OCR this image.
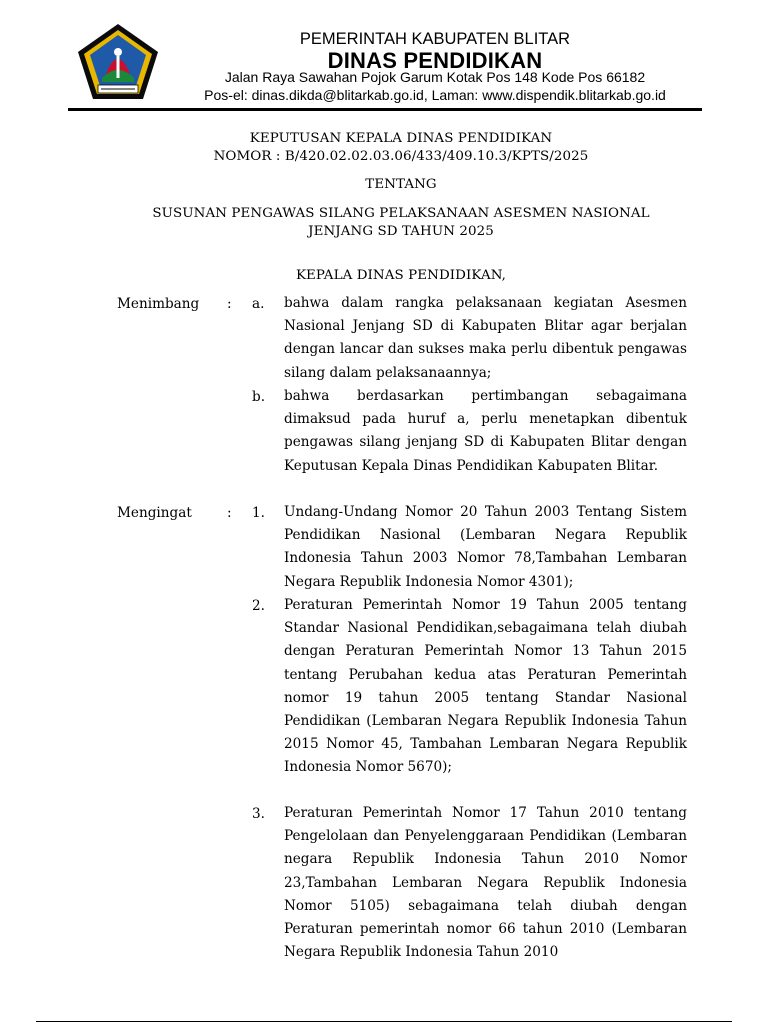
PEMERINTAH KABUPATEN BLITAR
DINAS PENDIDIKAN
Jalan Raya Sawahan Pojok Garum Kotak Pos 148 Kode Pos 66182
Pos-el: dinas.dikda@blitarkab.go.id, Laman: www.dispendik.blitarkab.go.id
KEPUTUSAN KEPALA DINAS PENDIDIKAN
NOMOR : B/420.02.02.03.06/433/409.10.3/KPTS/2025
TENTANG
SUSUNAN PENGAWAS SILANG PELAKSANAAN ASESMEN NASIONAL
JENJANG SD TAHUN 2025
KEPALA DINAS PENDIDIKAN,
Menimbang : a. bahwa dalam rangka pelaksanaan kegiatan Asesmen Nasional Jenjang SD di Kabupaten Blitar agar berjalan dengan lancar dan sukses maka perlu dibentuk pengawas silang dalam pelaksanaannya;
b. bahwa berdasarkan pertimbangan sebagaimana dimaksud pada huruf a, perlu menetapkan dibentuk pengawas silang jenjang SD di Kabupaten Blitar dengan Keputusan Kepala Dinas Pendidikan Kabupaten Blitar.
Mengingat	: 1. Undang-Undang Nomor 20 Tahun 2003 Tentang Sistem Pendidikan Nasional (Lembaran Negara Republik Indonesia Tahun 2003 Nomor 78,Tambahan Lembaran Negara Republik Indonesia Nomor 4301);
2. Peraturan Pemerintah Nomor 19 Tahun 2005 tentang Standar Nasional Pendidikan,sebagaimana telah diubah dengan Peraturan Pemerintah Nomor 13 Tahun 2015 tentang Perubahan kedua atas Peraturan Pemerintah nomor 19 tahun 2005 tentang Standar Nasional Pendidikan (Lembaran Negara Republik Indonesia Tahun 2015 Nomor 45, Tambahan Lembaran Negara Republik Indonesia Nomor 5670);
3. Peraturan Pemerintah Nomor 17 Tahun 2010 tentang Pengelolaan dan Penyelenggaraan Pendidikan (Lembaran negara Republik Indonesia Tahun 2010 Nomor 23,Tambahan Lembaran Negara Republik Indonesia Nomor 5105) sebagaimana telah diubah dengan Peraturan pemerintah nomor 66 tahun 2010 (Lembaran Negara Republik Indonesia Tahun 2010
